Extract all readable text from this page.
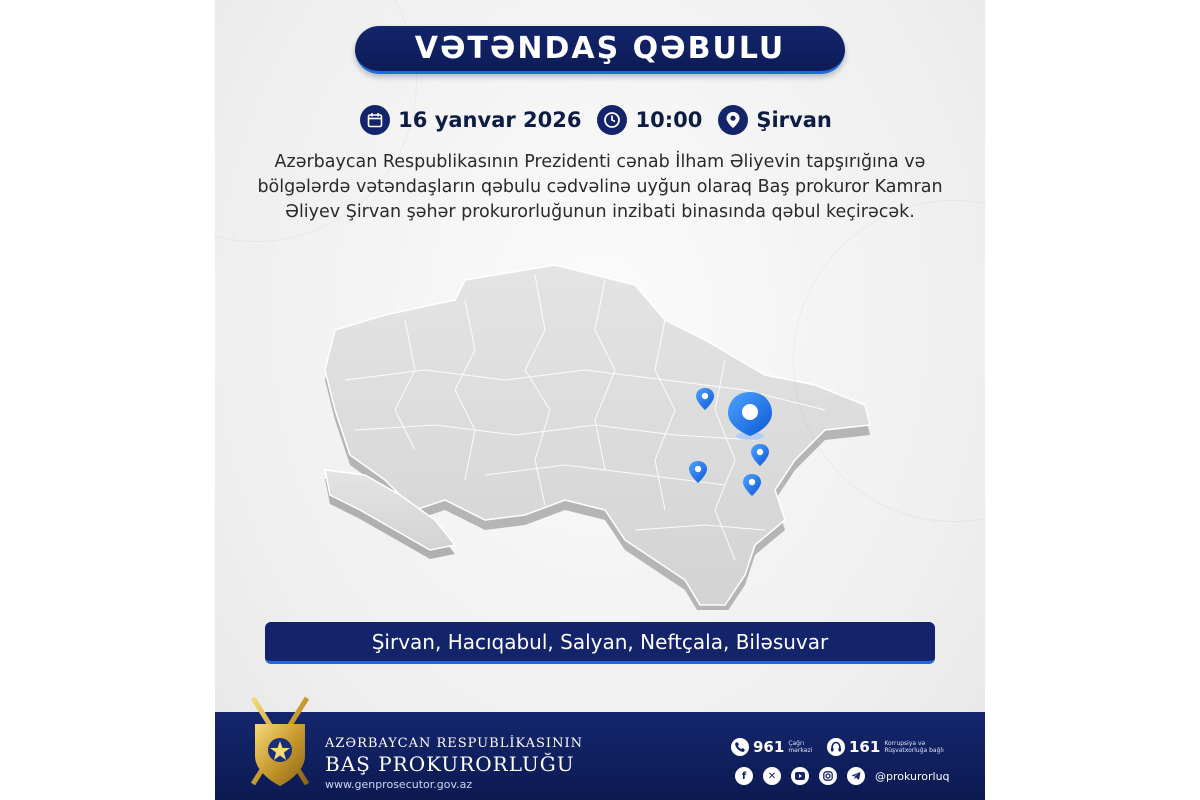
VƏTƏNDAŞ QƏBULU
16 yanvar 2026	10:00	Şirvan

Azərbaycan Respublikasının Prezidenti cənab İlham Əliyevin tapşırığına və bölgələrdə vətəndaşların qəbulu cədvəlinə uyğun olaraq Baş prokuror Kamran Əliyev Şirvan şəhər prokurorluğunun inzibati binasında qəbul keçirəcək.

Şirvan, Hacıqabul, Salyan, Neftçala, Biləsuvar
AZƏRBAYCAN RESPUBLİKASININ
BAŞ PROKURORLUĞU
www.genprosecutor.gov.az
961 Çağrı mərkəzi	161 Korrupsiya və Rüşvətxorluğa bağlı
f	✕	@prokurorluq
